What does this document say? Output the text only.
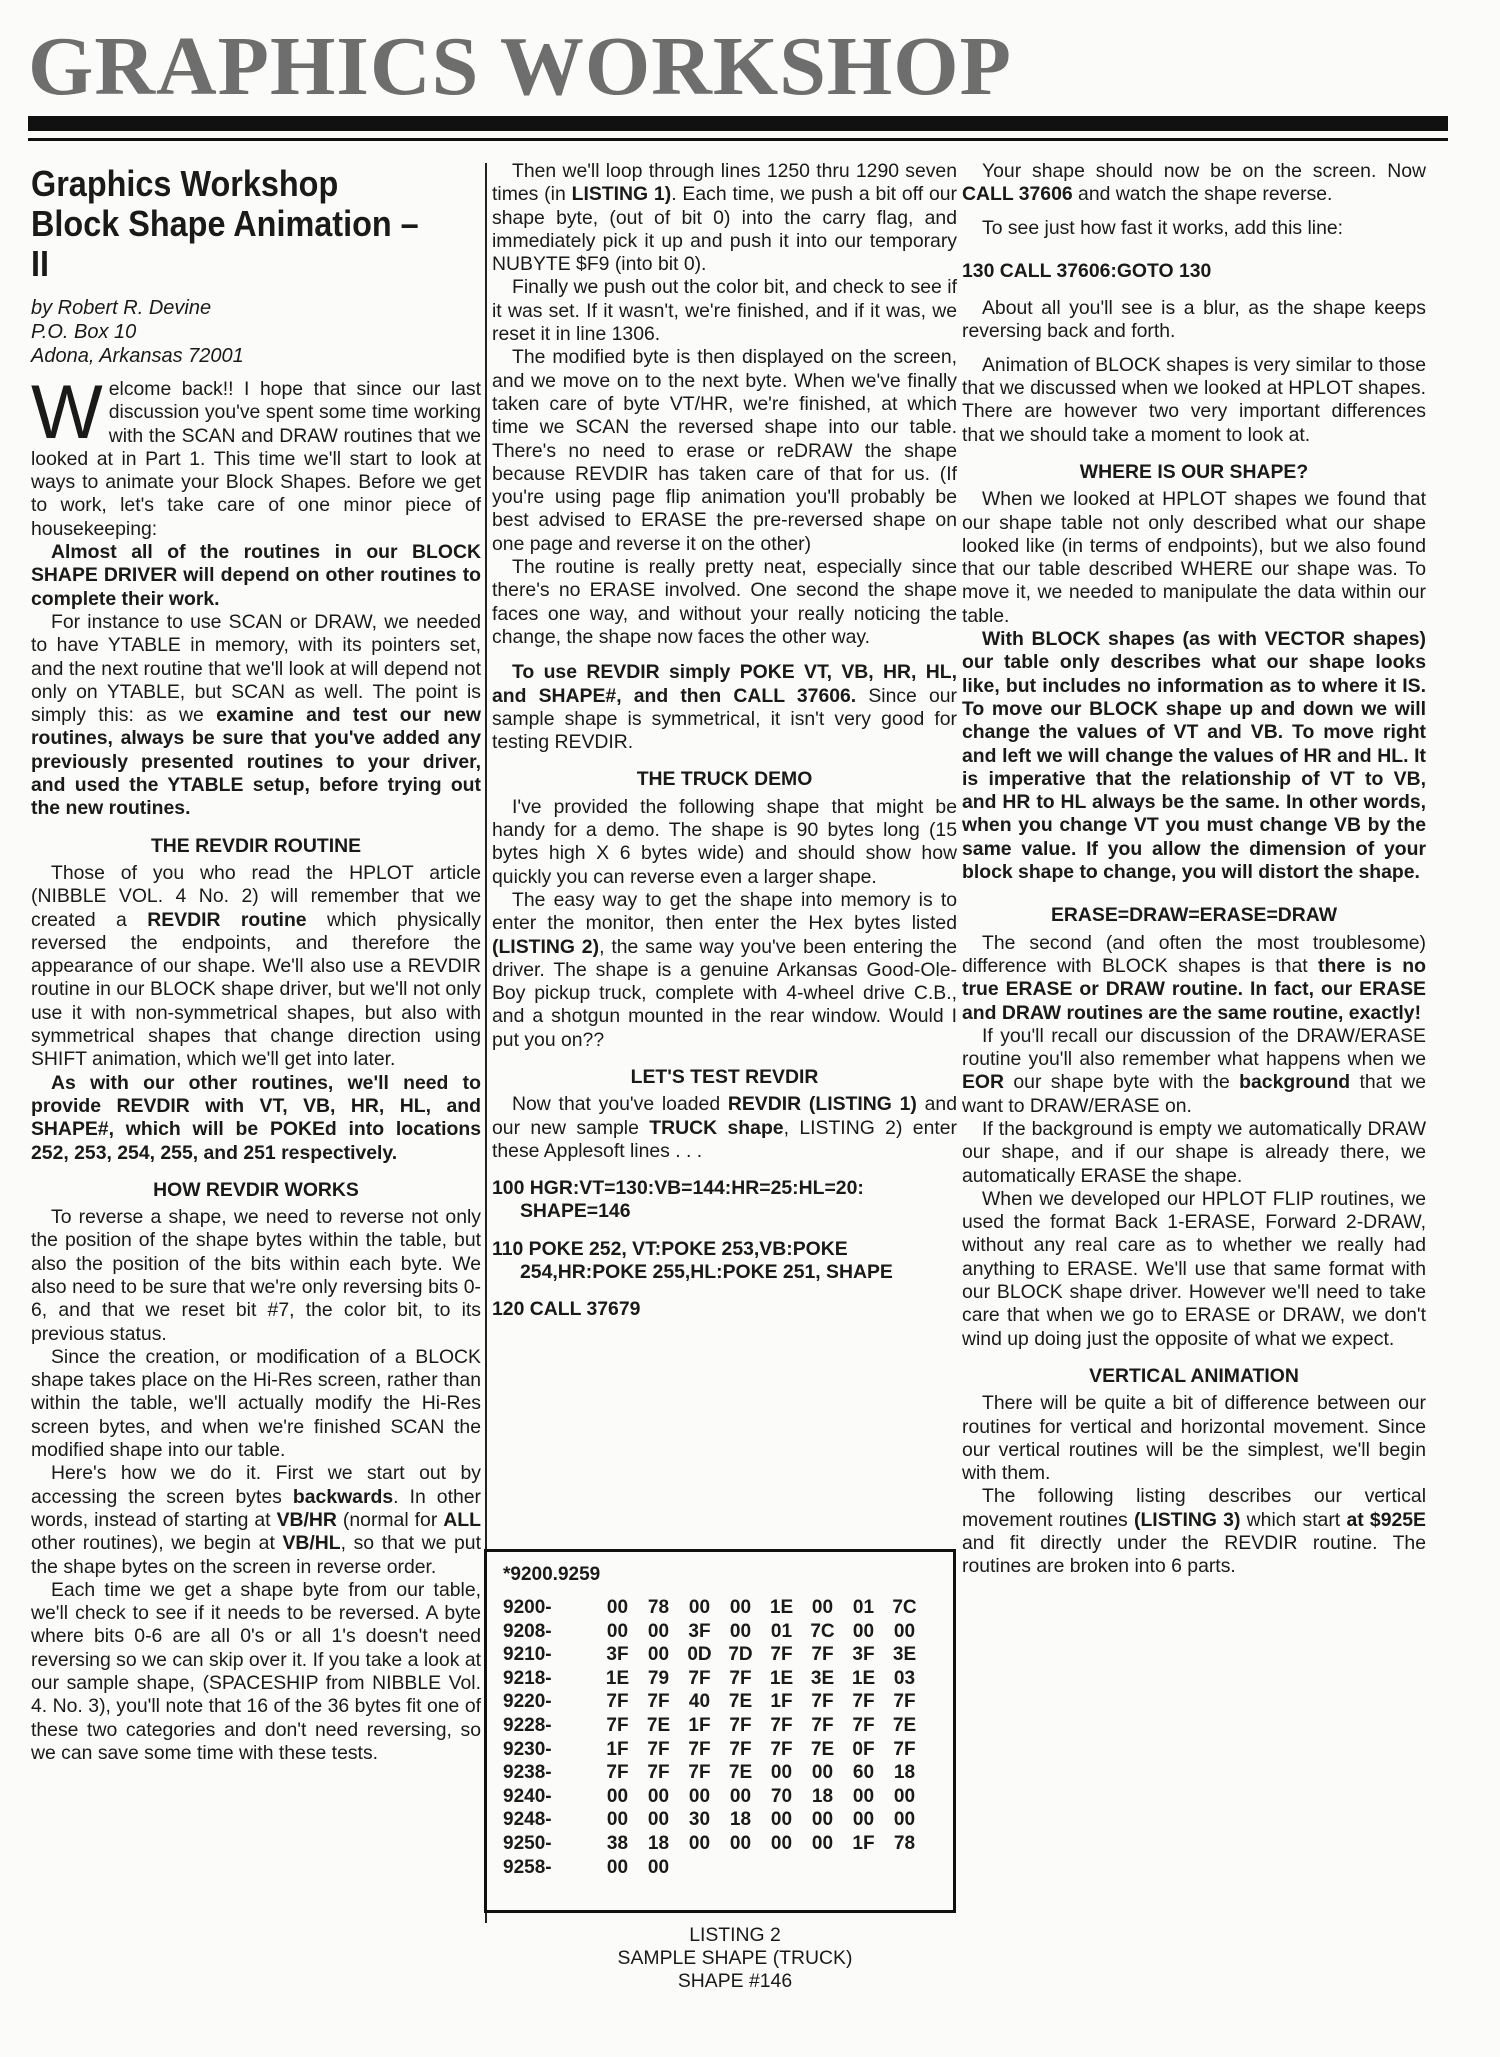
GRAPHICS WORKSHOP
Graphics Workshop
Block Shape Animation – II
by Robert R. Devine
P.O. Box 10
Adona, Arkansas 72001

Welcome back!! I hope that since our last discussion you've spent some time working with the SCAN and DRAW routines that we looked at in Part 1. This time we'll start to look at ways to animate your Block Shapes. Before we get to work, let's take care of one minor piece of housekeeping:

Almost all of the routines in our BLOCK SHAPE DRIVER will depend on other routines to complete their work.

For instance to use SCAN or DRAW, we needed to have YTABLE in memory, with its pointers set, and the next routine that we'll look at will depend not only on YTABLE, but SCAN as well. The point is simply this: as we examine and test our new routines, always be sure that you've added any previously presented routines to your driver, and used the YTABLE setup, before trying out the new routines.

THE REVDIR ROUTINE

Those of you who read the HPLOT article (NIBBLE VOL. 4 No. 2) will remember that we created a REVDIR routine which physically reversed the endpoints, and therefore the appearance of our shape. We'll also use a REVDIR routine in our BLOCK shape driver, but we'll not only use it with non-symmetrical shapes, but also with symmetrical shapes that change direction using SHIFT animation, which we'll get into later.

As with our other routines, we'll need to provide REVDIR with VT, VB, HR, HL, and SHAPE#, which will be POKEd into locations 252, 253, 254, 255, and 251 respectively.

HOW REVDIR WORKS

To reverse a shape, we need to reverse not only the position of the shape bytes within the table, but also the position of the bits within each byte. We also need to be sure that we're only reversing bits 0-6, and that we reset bit #7, the color bit, to its previous status.

Since the creation, or modification of a BLOCK shape takes place on the Hi-Res screen, rather than within the table, we'll actually modify the Hi-Res screen bytes, and when we're finished SCAN the modified shape into our table.

Here's how we do it. First we start out by accessing the screen bytes backwards. In other words, instead of starting at VB/HR (normal for ALL other routines), we begin at VB/HL, so that we put the shape bytes on the screen in reverse order.

Each time we get a shape byte from our table, we'll check to see if it needs to be reversed. A byte where bits 0-6 are all 0's or all 1's doesn't need reversing so we can skip over it. If you take a look at our sample shape, (SPACESHIP from NIBBLE Vol. 4. No. 3), you'll note that 16 of the 36 bytes fit one of these two categories and don't need reversing, so we can save some time with these tests.

Then we'll loop through lines 1250 thru 1290 seven times (in LISTING 1). Each time, we push a bit off our shape byte, (out of bit 0) into the carry flag, and immediately pick it up and push it into our temporary NUBYTE $F9 (into bit 0).

Finally we push out the color bit, and check to see if it was set. If it wasn't, we're finished, and if it was, we reset it in line 1306.

The modified byte is then displayed on the screen, and we move on to the next byte. When we've finally taken care of byte VT/HR, we're finished, at which time we SCAN the reversed shape into our table. There's no need to erase or reDRAW the shape because REVDIR has taken care of that for us. (If you're using page flip animation you'll probably be best advised to ERASE the pre-reversed shape on one page and reverse it on the other)

The routine is really pretty neat, especially since there's no ERASE involved. One second the shape faces one way, and without your really noticing the change, the shape now faces the other way.

To use REVDIR simply POKE VT, VB, HR, HL, and SHAPE#, and then CALL 37606. Since our sample shape is symmetrical, it isn't very good for testing REVDIR.

THE TRUCK DEMO

I've provided the following shape that might be handy for a demo. The shape is 90 bytes long (15 bytes high X 6 bytes wide) and should show how quickly you can reverse even a larger shape.

The easy way to get the shape into memory is to enter the monitor, then enter the Hex bytes listed (LISTING 2), the same way you've been entering the driver. The shape is a genuine Arkansas Good-Ole-Boy pickup truck, complete with 4-wheel drive C.B., and a shotgun mounted in the rear window. Would I put you on??

LET'S TEST REVDIR

Now that you've loaded REVDIR (LISTING 1) and our new sample TRUCK shape, LISTING 2) enter these Applesoft lines . . .

100 HGR:VT=130:VB=144:HR=25:HL=20: SHAPE=146

110 POKE 252, VT:POKE 253,VB:POKE 254,HR:POKE 255,HL:POKE 251, SHAPE

120 CALL 37679

*9200.9259
9200-	00	78	00	00 1E 00	01 7C
9208-	00	00	3F	00	01 7C 00	00
9210-	3F	00 0D 7D 7F 7F 3F 3E
9218-	1E 79	7F 7F 1E 3E 1E 03
9220-	7F 7F	40 7E 1F 7F 7F 7F
9228-	7F 7E 1F 7F 7F 7F 7F 7E
9230-	1F 7F 7F 7F 7F 7E 0F 7F
9238-	7F 7F 7F 7E 00	00	60	18
9240-	00	00	00	00	70	18	00	00
9248-	00	00	30	18	00	00	00	00
9250-	38	18	00	00	00	00	1F	78
9258-	00	00
LISTING 2
SAMPLE SHAPE (TRUCK)
SHAPE #146

Your shape should now be on the screen. Now CALL 37606 and watch the shape reverse.

To see just how fast it works, add this line:

130 CALL 37606:GOTO 130

About all you'll see is a blur, as the shape keeps reversing back and forth.

Animation of BLOCK shapes is very similar to those that we discussed when we looked at HPLOT shapes. There are however two very important differences that we should take a moment to look at.

WHERE IS OUR SHAPE?

When we looked at HPLOT shapes we found that our shape table not only described what our shape looked like (in terms of endpoints), but we also found that our table described WHERE our shape was. To move it, we needed to manipulate the data within our table.

With BLOCK shapes (as with VECTOR shapes) our table only describes what our shape looks like, but includes no information as to where it IS. To move our BLOCK shape up and down we will change the values of VT and VB. To move right and left we will change the values of HR and HL. It is imperative that the relationship of VT to VB, and HR to HL always be the same. In other words, when you change VT you must change VB by the same value. If you allow the dimension of your block shape to change, you will distort the shape.

ERASE=DRAW=ERASE=DRAW

The second (and often the most troublesome) difference with BLOCK shapes is that there is no true ERASE or DRAW routine. In fact, our ERASE and DRAW routines are the same routine, exactly!

If you'll recall our discussion of the DRAW/ERASE routine you'll also remember what happens when we EOR our shape byte with the background that we want to DRAW/ERASE on.

If the background is empty we automatically DRAW our shape, and if our shape is already there, we automatically ERASE the shape.

When we developed our HPLOT FLIP routines, we used the format Back 1-ERASE, Forward 2-DRAW, without any real care as to whether we really had anything to ERASE. We'll use that same format with our BLOCK shape driver. However we'll need to take care that when we go to ERASE or DRAW, we don't wind up doing just the opposite of what we expect.

VERTICAL ANIMATION

There will be quite a bit of difference between our routines for vertical and horizontal movement. Since our vertical routines will be the simplest, we'll begin with them.

The following listing describes our vertical movement routines (LISTING 3) which start at $925E and fit directly under the REVDIR routine. The routines are broken into 6 parts.
